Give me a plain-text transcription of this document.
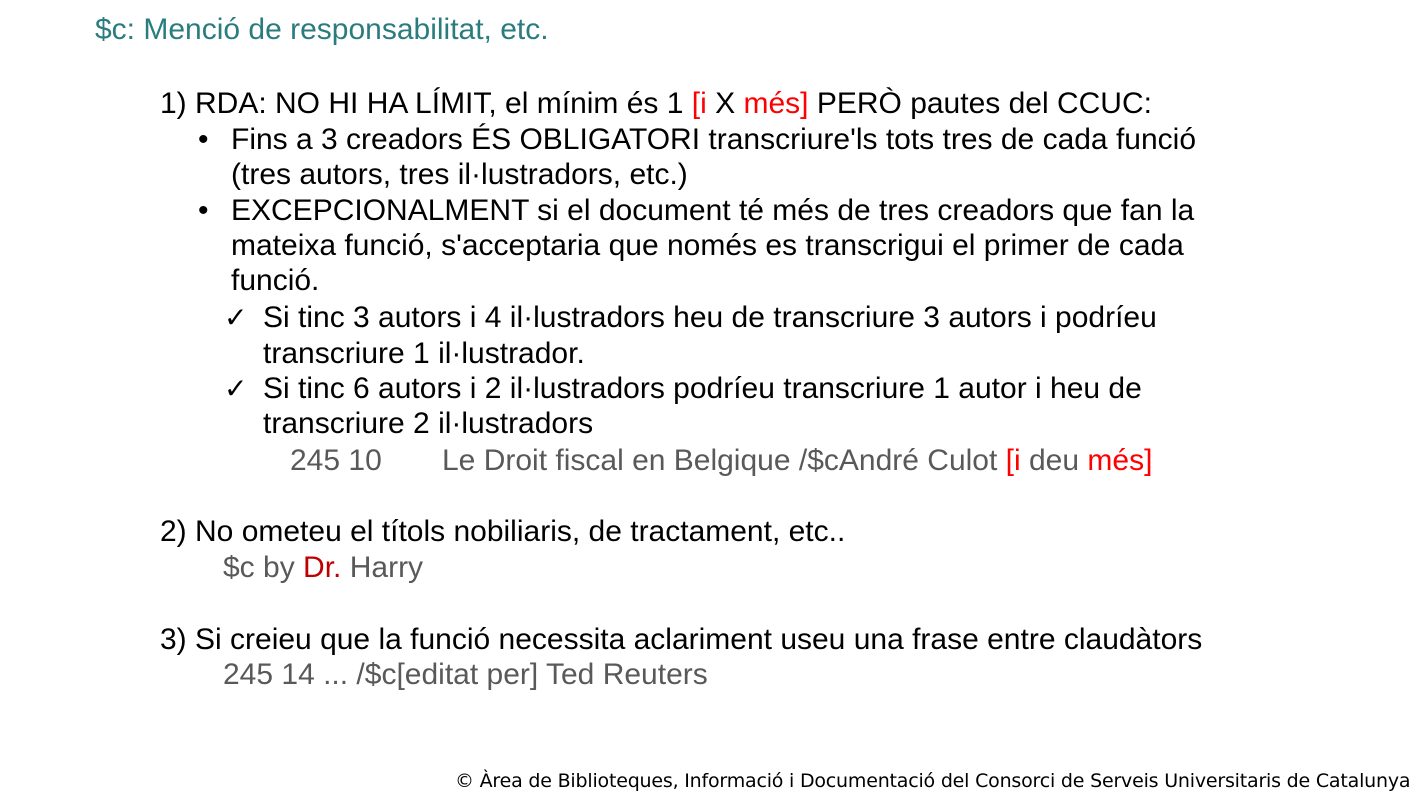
$c: Menció de responsabilitat, etc.
1) RDA: NO HI HA LÍMIT, el mínim és 1 [i X més] PERÒ pautes del CCUC:
• Fins a 3 creadors ÉS OBLIGATORI transcriure'ls tots tres de cada funció
(tres autors, tres il·lustradors, etc.)
• EXCEPCIONALMENT si el document té més de tres creadors que fan la
mateixa funció, s'acceptaria que només es transcrigui el primer de cada
funció.
✓ Si tinc 3 autors i 4 il·lustradors heu de transcriure 3 autors i podríeu
transcriure 1 il·lustrador.
✓ Si tinc 6 autors i 2 il·lustradors podríeu transcriure 1 autor i heu de
transcriure 2 il·lustradors
245 10 Le Droit fiscal en Belgique /$cAndré Culot [i deu més]
2) No ometeu el títols nobiliaris, de tractament, etc..
$c by Dr. Harry
3) Si creieu que la funció necessita aclariment useu una frase entre claudàtors
245 14 ... /$c[editat per] Ted Reuters
© Àrea de Biblioteques, Informació i Documentació del Consorci de Serveis Universitaris de Catalunya
